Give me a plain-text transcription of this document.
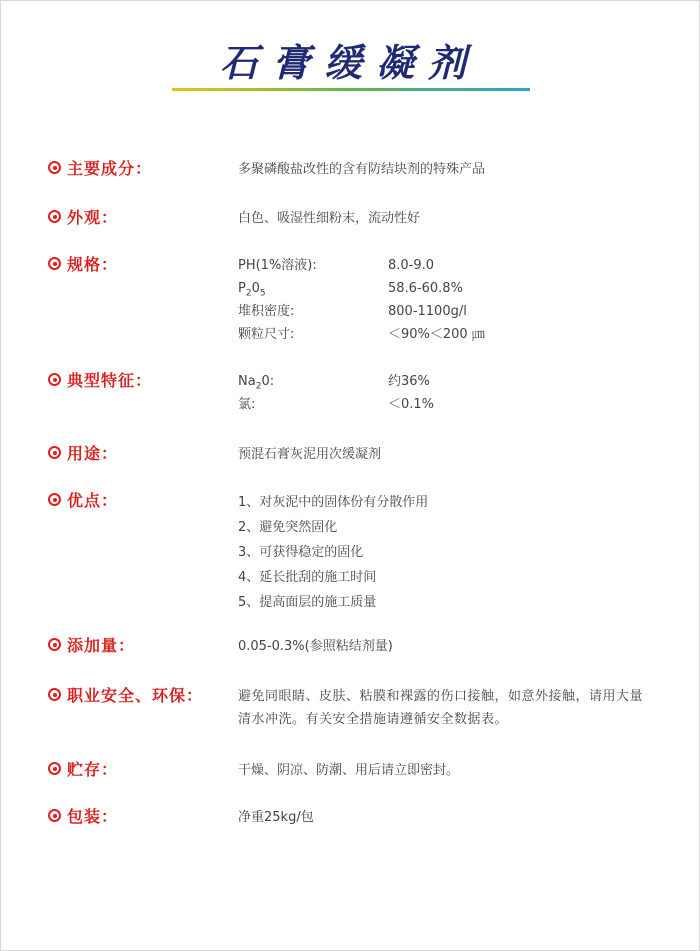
石膏缓凝剂
主要成分：	多聚磷酸盐改性的含有防结块剂的特殊产品
外观：	白色、吸湿性细粉末，流动性好
规格：	PH(1%溶液):	8.0-9.0
$P_20_5$	58.6-60.8%
堆积密度:	800-1100g/l
颗粒尺寸:	＜90%＜200 ㎛
典型特征：	$Na_20$:	约36%
氯:	＜0.1%
用途：	预混石膏灰泥用次缓凝剂
优点：	1、对灰泥中的固体份有分散作用
2、避免突然固化
3、可获得稳定的固化
4、延长批刮的施工时间
5、提高面层的施工质量
添加量：	0.05-0.3%(参照粘结剂量)
职业安全、环保：	避免同眼睛、皮肤、粘膜和裸露的伤口接触，如意外接触，请用大量清水冲洗。有关安全措施请遵循安全数据表。
贮存：	干燥、阴凉、防潮、用后请立即密封。
包装：	净重25kg/包
